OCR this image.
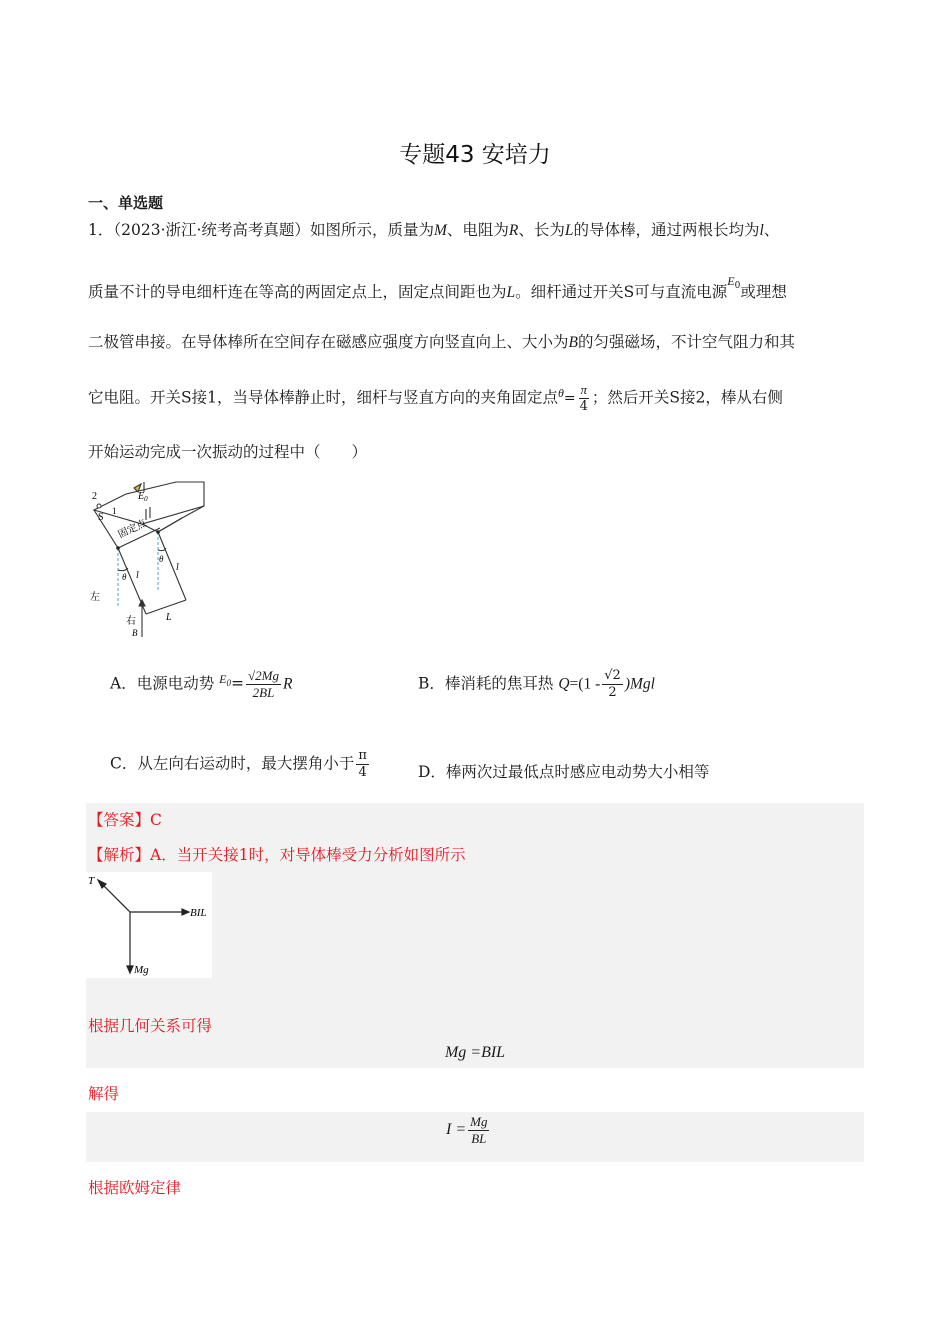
专题43 安培力
一、单选题
1．（2023·浙江·统考高考真题）如图所示，质量为M、电阻为R、长为L的导体棒，通过两根长均为l、
质量不计的导电细杆连在等高的两固定点上，固定点间距也为L。细杆通过开关S可与直流电源$^{E_0}$或理想
二极管串接。在导体棒所在空间存在磁感应强度方向竖直向上、大小为B的匀强磁场，不计空气阻力和其
它电阻。开关S接1，当导体棒静止时，细杆与竖直方向的夹角固定点$^\theta= \frac{\pi}{4}$ ；然后开关S接2，棒从右侧
开始运动完成一次振动的过程中（　　）
2
S
1
$E_0$
固定点
θ
θ
l
l
左
右
B
L
A．电源电动势 $^{E_0}= \frac{√2Mg}{2BL}$ R	B．棒消耗的焦耳热 $Q=(1 - \frac{√2}{2} )Mgl$
C．从左向右运动时，最大摆角小于 $\frac{\pi}{4}$	D．棒两次过最低点时感应电动势大小相等
【答案】C
【解析】A．当开关接1时，对导体棒受力分析如图所示
T
BIL
Mg
根据几何关系可得
Mg =BIL
解得
$I = \frac{Mg}{BL}$
根据欧姆定律
